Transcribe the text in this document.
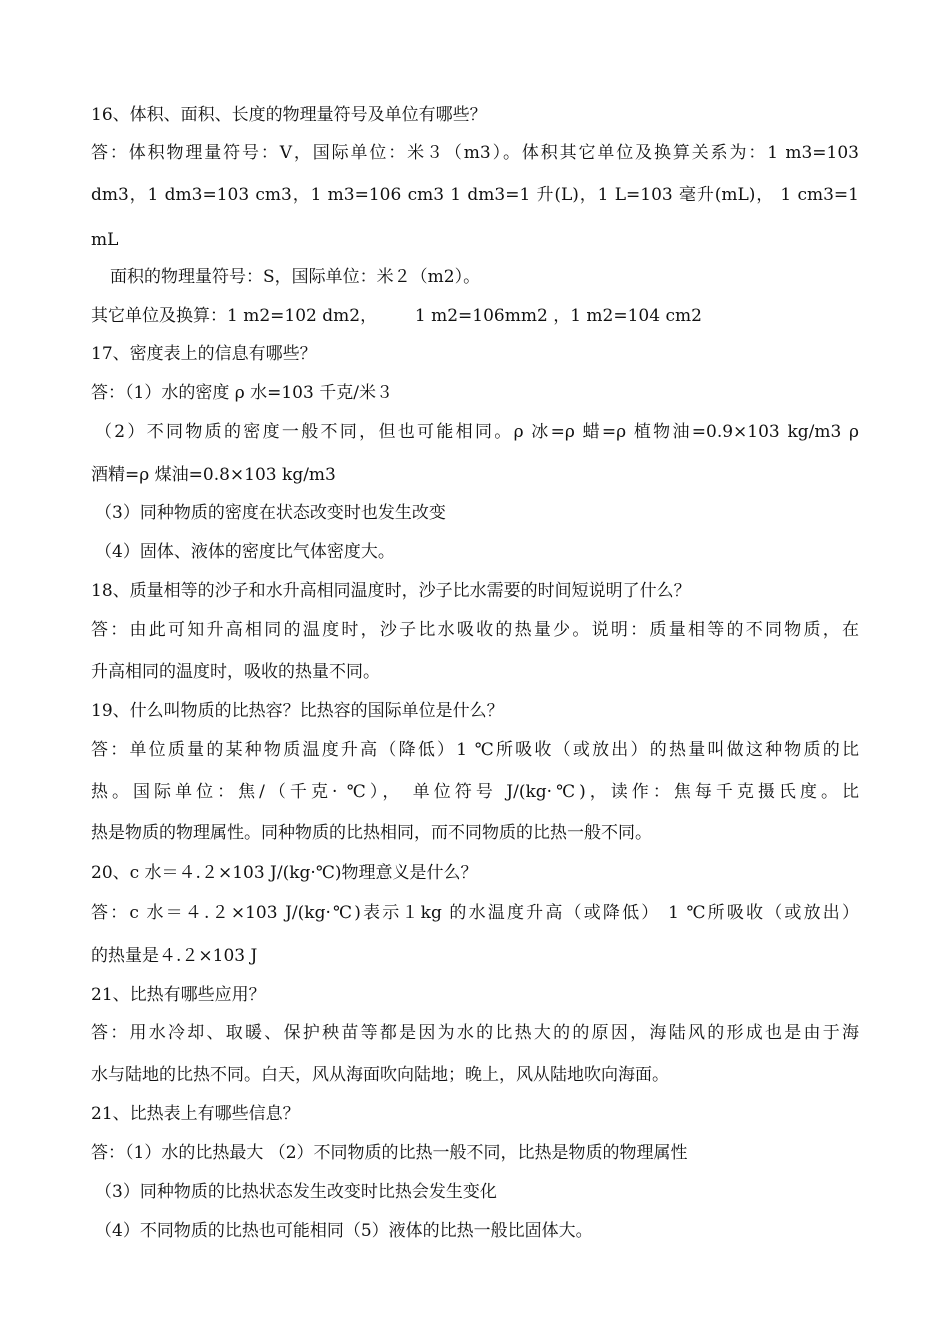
16、体积、面积、长度的物理量符号及单位有哪些？
答：体积物理量符号：V，国际单位：米３（m3）。体积其它单位及换算关系为：1 m3=103
dm3，1 dm3=103 cm3，1 m3=106 cm3 1 dm3=1 升(L)，1 L=103 毫升(mL)， 1 cm3=1
mL
面积的物理量符号：S，国际单位：米２（m2）。
其它单位及换算：1 m2=102 dm2，       1 m2=106mm2 ，1 m2=104 cm2
17、密度表上的信息有哪些？
答：（1）水的密度 ρ 水=103 千克/米３
（2）不同物质的密度一般不同，但也可能相同。ρ 冰=ρ 蜡=ρ 植物油=0.9×103 kg/m3 ρ
酒精=ρ 煤油=0.8×103 kg/m3
（3）同种物质的密度在状态改变时也发生改变
（4）固体、液体的密度比气体密度大。
18、质量相等的沙子和水升高相同温度时，沙子比水需要的时间短说明了什么？
答：由此可知升高相同的温度时，沙子比水吸收的热量少。说明：质量相等的不同物质，在
升高相同的温度时，吸收的热量不同。
19、什么叫物质的比热容？比热容的国际单位是什么？
答：单位质量的某种物质温度升高（降低）1 ℃所吸收（或放出）的热量叫做这种物质的比
热。国际单位：焦/（千克· ℃）， 单位符号 J/(kg·℃)，读作：焦每千克摄氏度。比
热是物质的物理属性。同种物质的比热相同，而不同物质的比热一般不同。
20、c 水＝４.２×103 J/(kg·℃)物理意义是什么？
答：c 水＝４.２×103 J/(kg·℃)表示１kg 的水温度升高（或降低） 1 ℃所吸收（或放出）
的热量是４.２×103 J
21、比热有哪些应用？
答：用水冷却、取暖、保护秧苗等都是因为水的比热大的的原因，海陆风的形成也是由于海
水与陆地的比热不同。白天，风从海面吹向陆地；晚上，风从陆地吹向海面。
21、比热表上有哪些信息？
答：（1）水的比热最大 （2）不同物质的比热一般不同，比热是物质的物理属性
（3）同种物质的比热状态发生改变时比热会发生变化
（4）不同物质的比热也可能相同（5）液体的比热一般比固体大。
